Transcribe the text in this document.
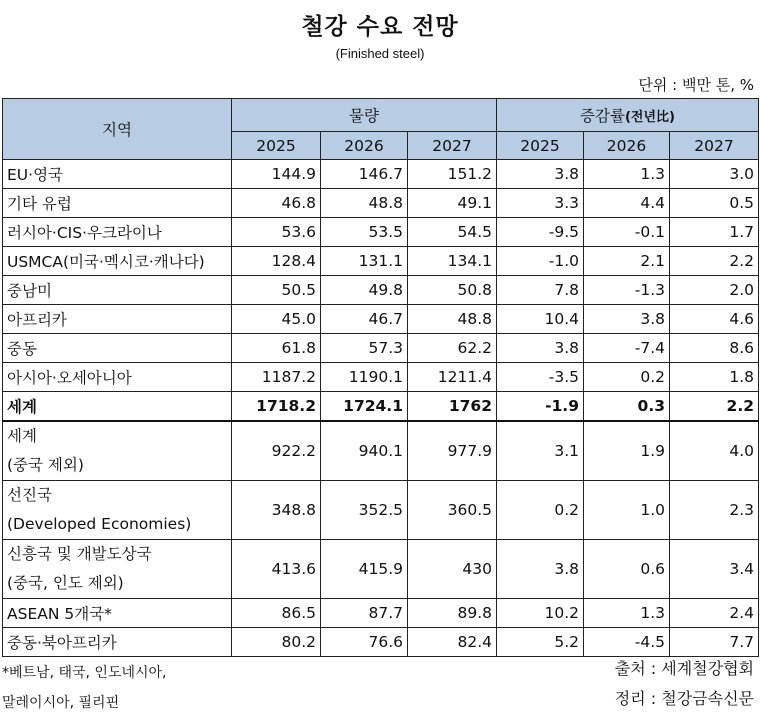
철강 수요 전망
(Finished steel)
단위 : 백만 톤, %
지역	물량			증감률(전년比)		
	2025	2026	2027	2025	2026	2027
EU·영국	144.9	146.7	151.2	3.8	1.3	3.0
기타 유럽	46.8	48.8	49.1	3.3	4.4	0.5
러시아·CIS·우크라이나	53.6	53.5	54.5	-9.5	-0.1	1.7
USMCA(미국·멕시코·캐나다)	128.4	131.1	134.1	-1.0	2.1	2.2
중남미	50.5	49.8	50.8	7.8	-1.3	2.0
아프리카	45.0	46.7	48.8	10.4	3.8	4.6
중동	61.8	57.3	62.2	3.8	-7.4	8.6
아시아·오세아니아	1187.2	1190.1	1211.4	-3.5	0.2	1.8
세계	1718.2	1724.1	1762	-1.9	0.3	2.2

세계
(중국 제외)	922.2	940.1	977.9	3.1	1.9	4.0

선진국
(Developed Economies)	348.8	352.5	360.5	0.2	1.0	2.3

신흥국 및 개발도상국
(중국, 인도 제외)	413.6	415.9	430	3.8	0.6	3.4
ASEAN 5개국*	86.5	87.7	89.8	10.2	1.3	2.4
중동·북아프리카	80.2	76.6	82.4	5.2	-4.5	7.7
*베트남, 태국, 인도네시아,
말레이시아, 필리핀
출처 : 세계철강협회
정리 : 철강금속신문
